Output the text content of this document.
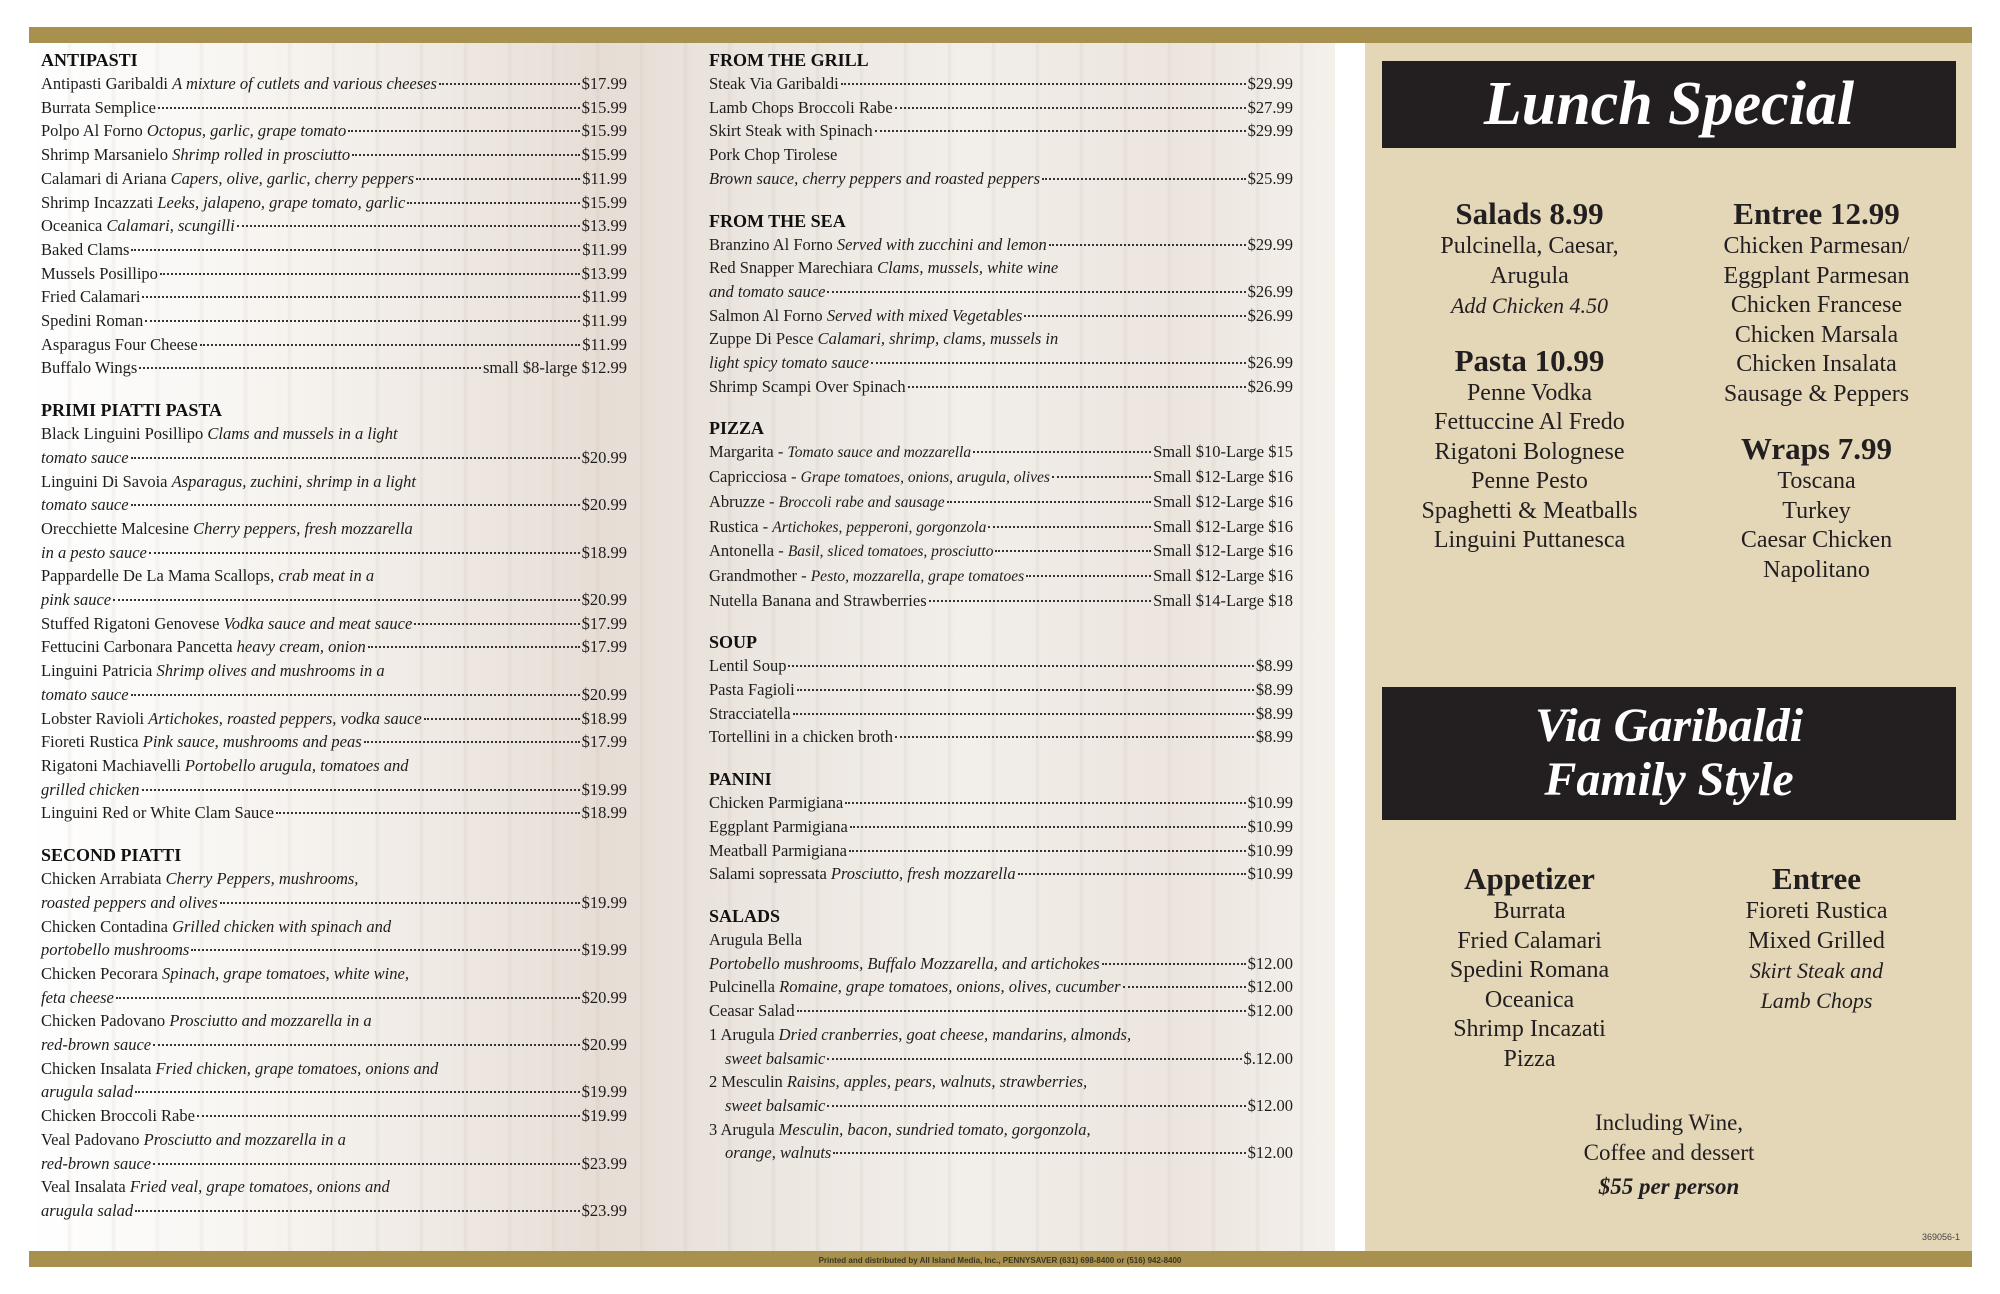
ANTIPASTI
Antipasti Garibaldi A mixture of cutlets and various cheeses	$17.99
Burrata Semplice	$15.99
Polpo Al Forno Octopus, garlic, grape tomato	$15.99
Shrimp Marsanielo Shrimp rolled in prosciutto	$15.99
Calamari di Ariana Capers, olive, garlic, cherry peppers	$11.99
Shrimp Incazzati Leeks, jalapeno, grape tomato, garlic	$15.99
Oceanica Calamari, scungilli	$13.99
Baked Clams	$11.99
Mussels Posillipo	$13.99
Fried Calamari	$11.99
Spedini Roman	$11.99
Asparagus Four Cheese	$11.99
Buffalo Wings	small $8-large $12.99
PRIMI PIATTI PASTA
Black Linguini Posillipo Clams and mussels in a light
tomato sauce	$20.99
Linguini Di Savoia Asparagus, zuchini, shrimp in a light
tomato sauce	$20.99
Orecchiette Malcesine Cherry peppers, fresh mozzarella
in a pesto sauce	$18.99
Pappardelle De La Mama Scallops, crab meat in a
pink sauce	$20.99
Stuffed Rigatoni Genovese Vodka sauce and meat sauce	$17.99
Fettucini Carbonara Pancetta heavy cream, onion	$17.99
Linguini Patricia Shrimp olives and mushrooms in a
tomato sauce	$20.99
Lobster Ravioli Artichokes, roasted peppers, vodka sauce	$18.99
Fioreti Rustica Pink sauce, mushrooms and peas	$17.99
Rigatoni Machiavelli Portobello arugula, tomatoes and
grilled chicken	$19.99
Linguini Red or White Clam Sauce	$18.99
SECOND PIATTI
Chicken Arrabiata Cherry Peppers, mushrooms,
roasted peppers and olives	$19.99
Chicken Contadina Grilled chicken with spinach and
portobello mushrooms	$19.99
Chicken Pecorara Spinach, grape tomatoes, white wine,
feta cheese	$20.99
Chicken Padovano Prosciutto and mozzarella in a
red-brown sauce	$20.99
Chicken Insalata Fried chicken, grape tomatoes, onions and
arugula salad	$19.99
Chicken Broccoli Rabe	$19.99
Veal Padovano Prosciutto and mozzarella in a
red-brown sauce	$23.99
Veal Insalata Fried veal, grape tomatoes, onions and
arugula salad	$23.99
FROM THE GRILL
Steak Via Garibaldi	$29.99
Lamb Chops Broccoli Rabe	$27.99
Skirt Steak with Spinach	$29.99
Pork Chop Tirolese
Brown sauce, cherry peppers and roasted peppers	$25.99
FROM THE SEA
Branzino Al Forno Served with zucchini and lemon	$29.99
Red Snapper Marechiara Clams, mussels, white wine
and tomato sauce	$26.99
Salmon Al Forno Served with mixed Vegetables	$26.99
Zuppe Di Pesce Calamari, shrimp, clams, mussels in
light spicy tomato sauce	$26.99
Shrimp Scampi Over Spinach	$26.99
PIZZA
Margarita - Tomato sauce and mozzarella	Small $10-Large $15
Capricciosa - Grape tomatoes, onions, arugula, olives	Small $12-Large $16
Abruzze - Broccoli rabe and sausage	Small $12-Large $16
Rustica - Artichokes, pepperoni, gorgonzola	Small $12-Large $16
Antonella - Basil, sliced tomatoes, prosciutto	Small $12-Large $16
Grandmother - Pesto, mozzarella, grape tomatoes	Small $12-Large $16
Nutella Banana and Strawberries	Small $14-Large $18
SOUP
Lentil Soup	$8.99
Pasta Fagioli	$8.99
Stracciatella	$8.99
Tortellini in a chicken broth	$8.99
PANINI
Chicken Parmigiana	$10.99
Eggplant Parmigiana	$10.99
Meatball Parmigiana	$10.99
Salami sopressata Prosciutto, fresh mozzarella	$10.99
SALADS
Arugula Bella
Portobello mushrooms, Buffalo Mozzarella, and artichokes	$12.00
Pulcinella Romaine, grape tomatoes, onions, olives, cucumber	$12.00
Ceasar Salad	$12.00
1 Arugula Dried cranberries, goat cheese, mandarins, almonds,
sweet balsamic	$.12.00
2 Mesculin Raisins, apples, pears, walnuts, strawberries,
sweet balsamic	$12.00
3 Arugula Mesculin, bacon, sundried tomato, gorgonzola,
orange, walnuts	$12.00
Lunch Special
Salads 8.99
Pulcinella, Caesar,
Arugula
Add Chicken 4.50
Pasta 10.99
Penne Vodka
Fettuccine Al Fredo
Rigatoni Bolognese
Penne Pesto
Spaghetti & Meatballs
Linguini Puttanesca
Entree 12.99
Chicken Parmesan/
Eggplant Parmesan
Chicken Francese
Chicken Marsala
Chicken Insalata
Sausage & Peppers
Wraps 7.99
Toscana
Turkey
Caesar Chicken
Napolitano
Via Garibaldi
Family Style
Appetizer
Burrata
Fried Calamari
Spedini Romana
Oceanica
Shrimp Incazati
Pizza
Entree
Fioreti Rustica
Mixed Grilled
Skirt Steak and
Lamb Chops
Including Wine,
Coffee and dessert
$55 per person
369056-1
Printed and distributed by All Island Media, Inc., PENNYSAVER (631) 698-8400 or (516) 942-8400
